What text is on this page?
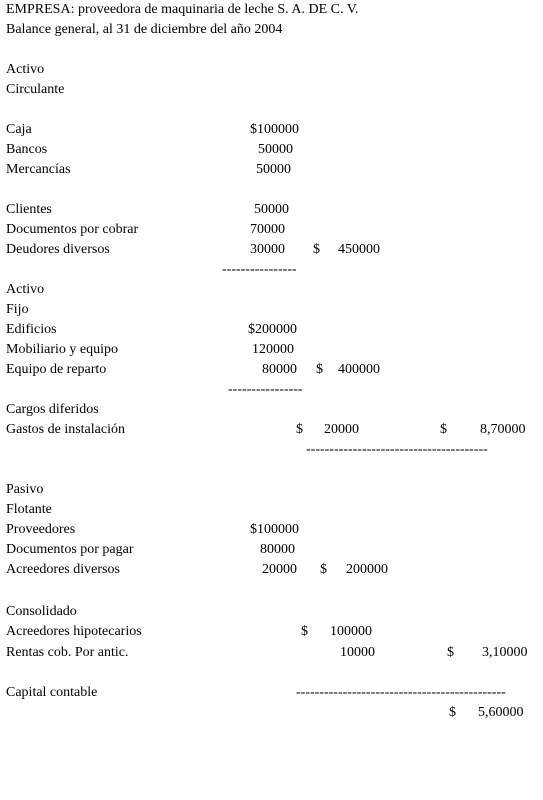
EMPRESA: proveedora de maquinaria de leche S. A. DE C. V.
Balance general, al 31 de diciembre del año 2004
Activo
Circulante
Caja	$100000
Bancos	50000
Mercancías	50000
Clientes	50000
Documentos por cobrar	70000
Deudores diversos	30000 $ 450000
----------------
Activo
Fijo
Edificios	$200000
Mobiliario y equipo	120000
Equipo de reparto	80000 $ 400000
----------------
Cargos diferidos
Gastos de instalación	$ 20000	$ 8,70000
---------------------------------------
Pasivo
Flotante
Proveedores	$100000
Documentos por pagar	80000
Acreedores diversos	20000 $ 200000
Consolidado
Acreedores hipotecarios	$ 100000
Rentas cob. Por antic.	10000	$ 3,10000
Capital contable	---------------------------------------------
$ 5,60000
